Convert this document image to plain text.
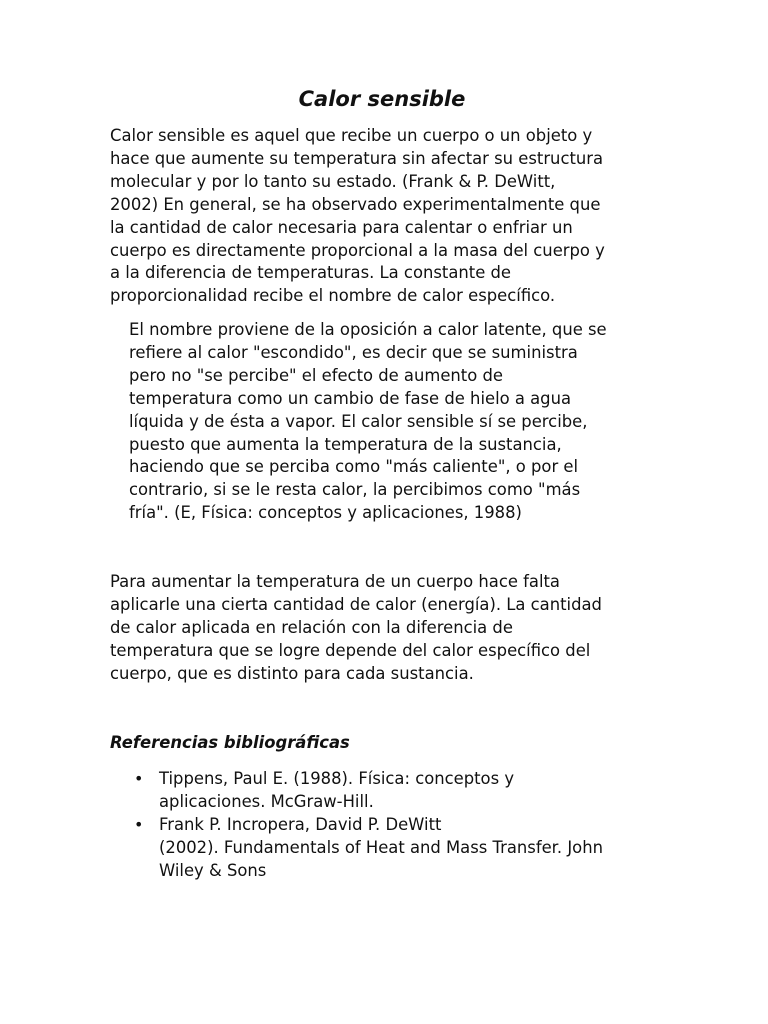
Calor sensible

Calor sensible es aquel que recibe un cuerpo o un objeto y
hace que aumente su temperatura sin afectar su estructura
molecular y por lo tanto su estado. (Frank & P. DeWitt,
2002) En general, se ha observado experimentalmente que
la cantidad de calor necesaria para calentar o enfriar un
cuerpo es directamente proporcional a la masa del cuerpo y
a la diferencia de temperaturas. La constante de
proporcionalidad recibe el nombre de calor específico.

El nombre proviene de la oposición a calor latente, que se
refiere al calor "escondido", es decir que se suministra
pero no "se percibe" el efecto de aumento de
temperatura como un cambio de fase de hielo a agua
líquida y de ésta a vapor. El calor sensible sí se percibe,
puesto que aumenta la temperatura de la sustancia,
haciendo que se perciba como "más caliente", o por el
contrario, si se le resta calor, la percibimos como "más
fría". (E, Física: conceptos y aplicaciones, 1988)

Para aumentar la temperatura de un cuerpo hace falta
aplicarle una cierta cantidad de calor (energía). La cantidad
de calor aplicada en relación con la diferencia de
temperatura que se logre depende del calor específico del
cuerpo, que es distinto para cada sustancia.

Referencias bibliográficas
• Tippens, Paul E. (1988). Física: conceptos y
aplicaciones. McGraw-Hill.
• Frank P. Incropera, David P. DeWitt
(2002). Fundamentals of Heat and Mass Transfer. John
Wiley & Sons
